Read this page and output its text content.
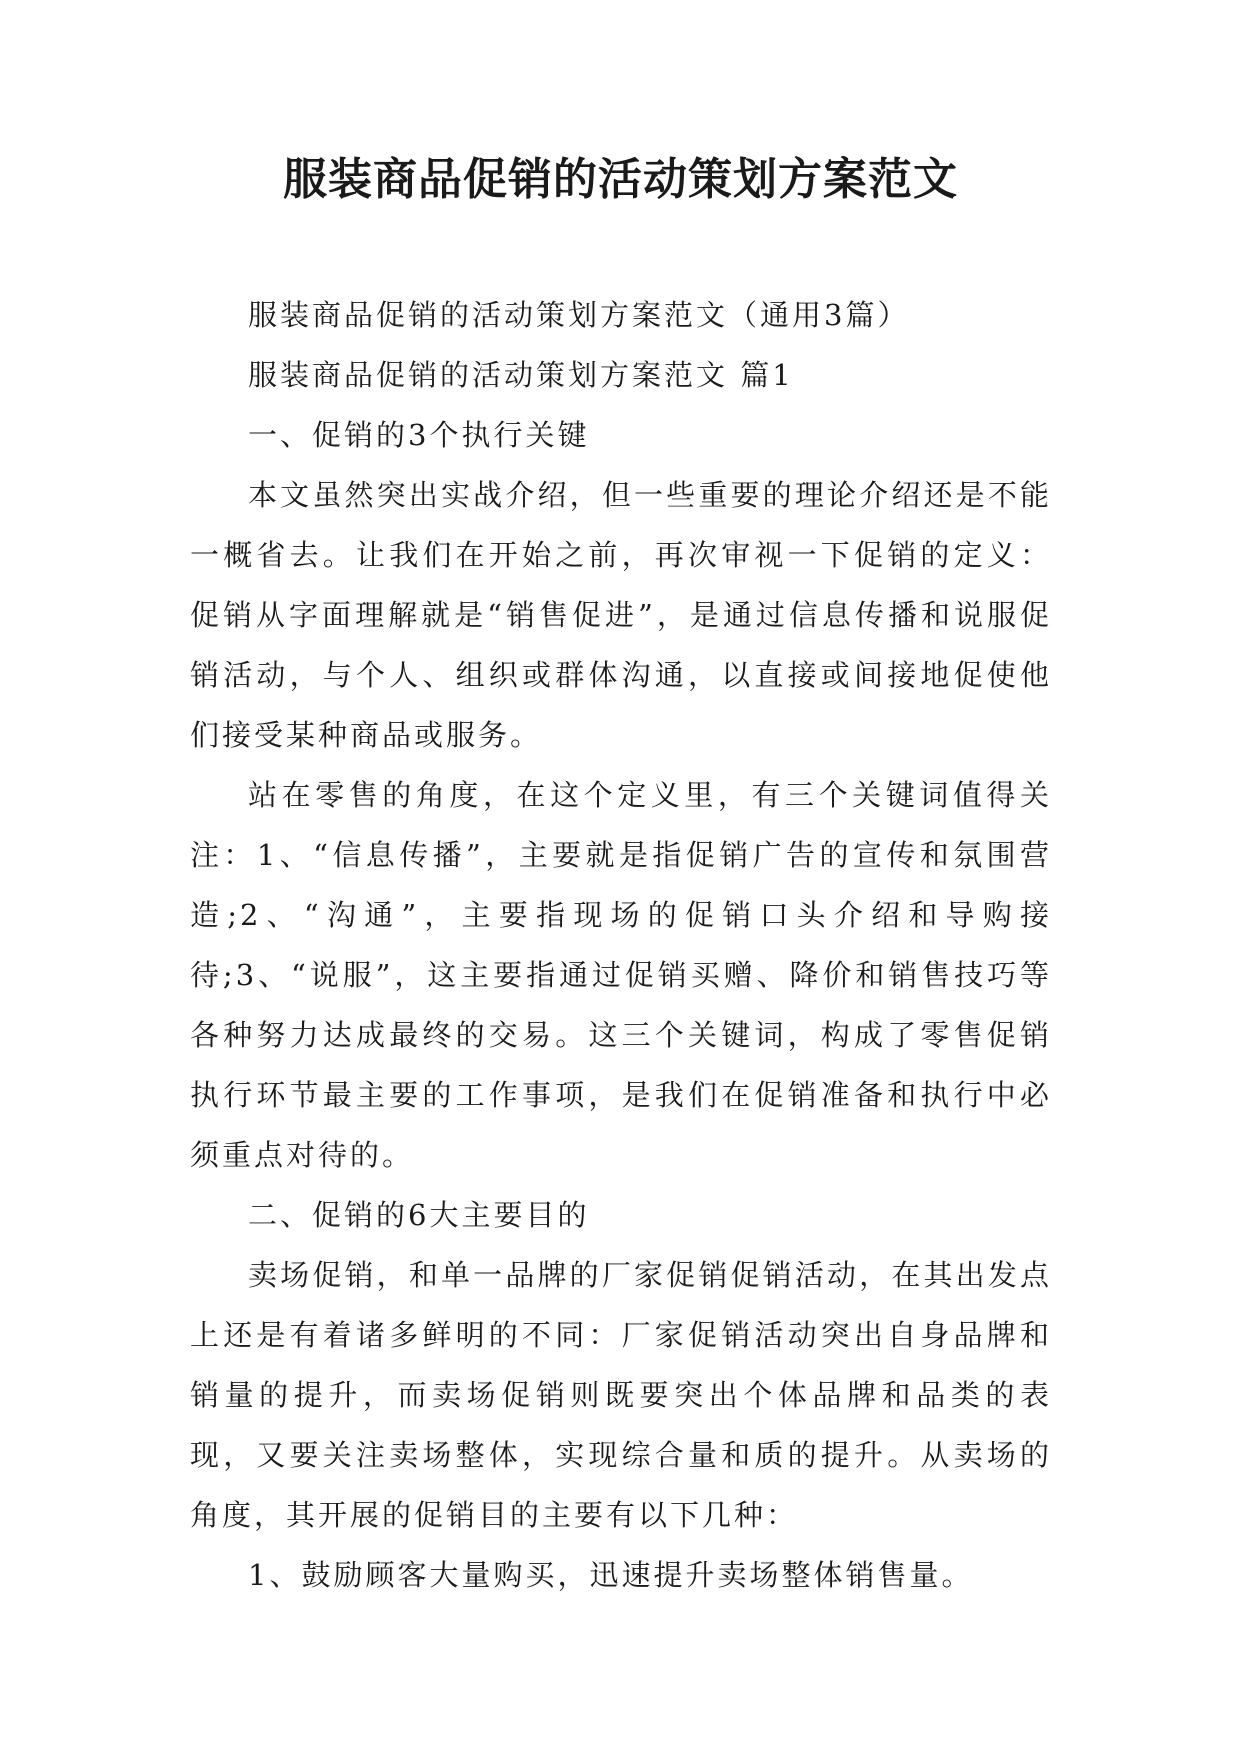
服装商品促销的活动策划方案范文

服装商品促销的活动策划方案范文（通用3篇）

服装商品促销的活动策划方案范文 篇1

一、促销的3个执行关键

本文虽然突出实战介绍，但一些重要的理论介绍还是不能一概省去。让我们在开始之前，再次审视一下促销的定义：促销从字面理解就是“销售促进”，是通过信息传播和说服促销活动，与个人、组织或群体沟通，以直接或间接地促使他们接受某种商品或服务。

站在零售的角度，在这个定义里，有三个关键词值得关注：1、“信息传播”，主要就是指促销广告的宣传和氛围营造;2、“沟通”，主要指现场的促销口头介绍和导购接待;3、“说服”，这主要指通过促销买赠、降价和销售技巧等各种努力达成最终的交易。这三个关键词，构成了零售促销执行环节最主要的工作事项，是我们在促销准备和执行中必须重点对待的。

二、促销的6大主要目的

卖场促销，和单一品牌的厂家促销促销活动，在其出发点上还是有着诸多鲜明的不同：厂家促销活动突出自身品牌和销量的提升，而卖场促销则既要突出个体品牌和品类的表现，又要关注卖场整体，实现综合量和质的提升。从卖场的角度，其开展的促销目的主要有以下几种：

1、鼓励顾客大量购买，迅速提升卖场整体销售量。
